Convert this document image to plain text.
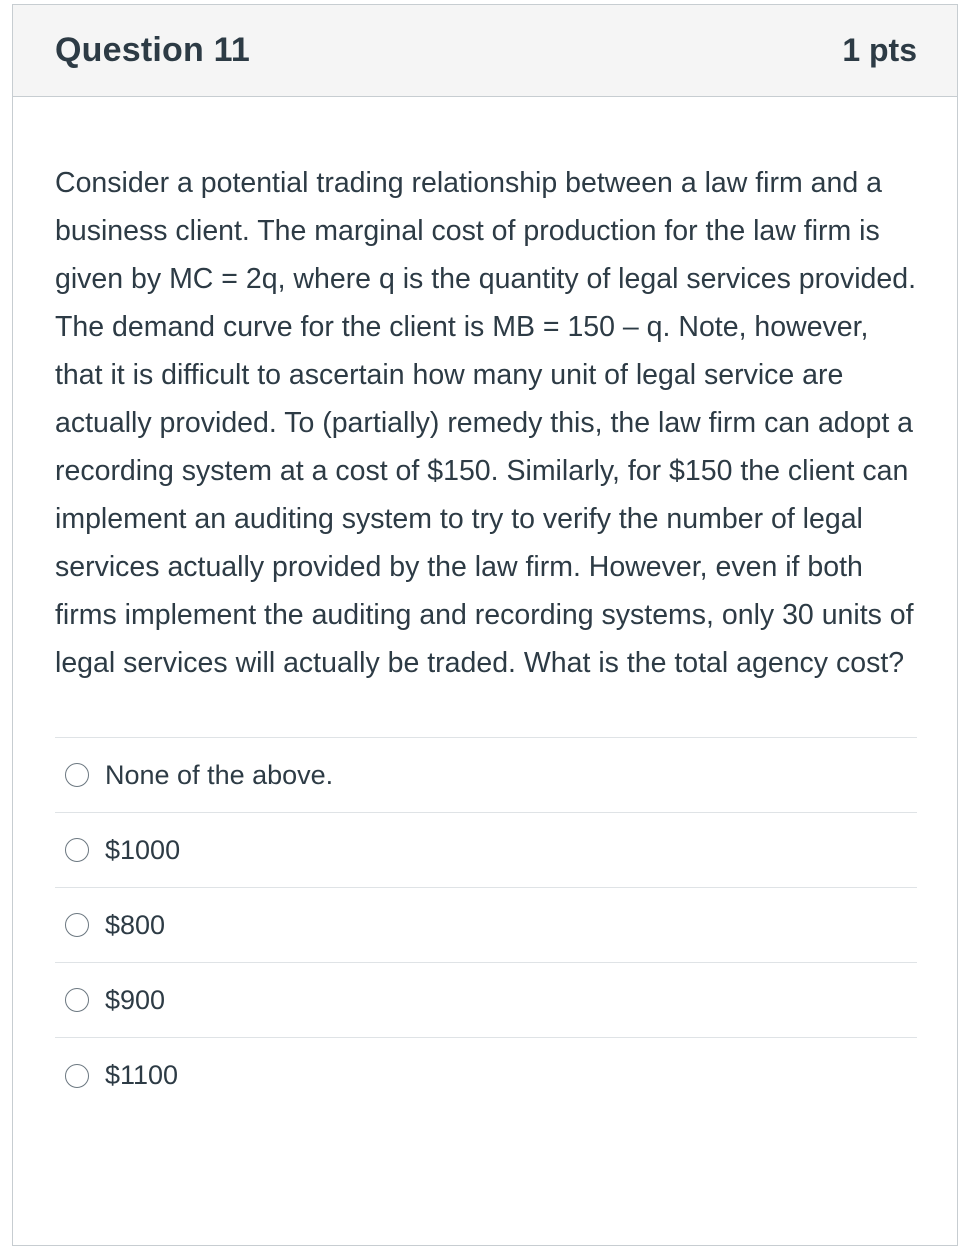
Question 11	1 pts

Consider a potential trading relationship between a law firm and a business client. The marginal cost of production for the law firm is given by MC = 2q, where q is the quantity of legal services provided. The demand curve for the client is MB = 150 – q. Note, however, that it is difficult to ascertain how many unit of legal service are actually provided. To (partially) remedy this, the law firm can adopt a recording system at a cost of $150. Similarly, for $150 the client can implement an auditing system to try to verify the number of legal services actually provided by the law firm. However, even if both firms implement the auditing and recording systems, only 30 units of legal services will actually be traded. What is the total agency cost?

None of the above.
$1000
$800
$900
$1100
